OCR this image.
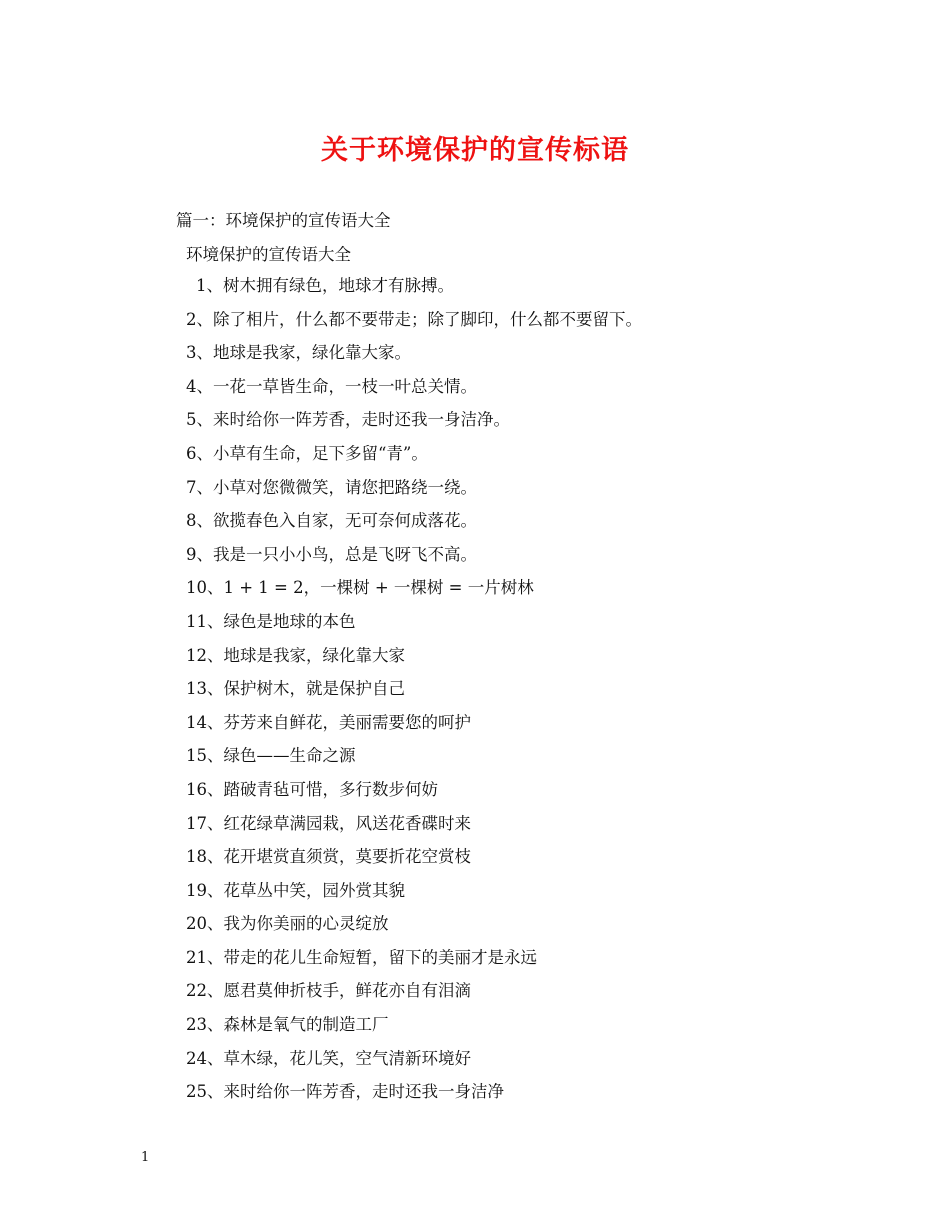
关于环境保护的宣传标语
篇一：环境保护的宣传语大全
环境保护的宣传语大全
1、树木拥有绿色，地球才有脉搏。
2、除了相片，什么都不要带走；除了脚印，什么都不要留下。
3、地球是我家，绿化靠大家。
4、一花一草皆生命，一枝一叶总关情。
5、来时给你一阵芳香，走时还我一身洁净。
6、小草有生命，足下多留“青”。
7、小草对您微微笑，请您把路绕一绕。
8、欲揽春色入自家，无可奈何成落花。
9、我是一只小小鸟，总是飞呀飞不高。
10、1 + 1 = 2，一棵树 + 一棵树 = 一片树林
11、绿色是地球的本色
12、地球是我家，绿化靠大家
13、保护树木，就是保护自己
14、芬芳来自鲜花，美丽需要您的呵护
15、绿色——生命之源
16、踏破青毡可惜，多行数步何妨
17、红花绿草满园栽，风送花香碟时来
18、花开堪赏直须赏，莫要折花空赏枝
19、花草丛中笑，园外赏其貌
20、我为你美丽的心灵绽放
21、带走的花儿生命短暂，留下的美丽才是永远
22、愿君莫伸折枝手，鲜花亦自有泪滴
23、森林是氧气的制造工厂
24、草木绿，花儿笑，空气清新环境好
25、来时给你一阵芳香，走时还我一身洁净
1
